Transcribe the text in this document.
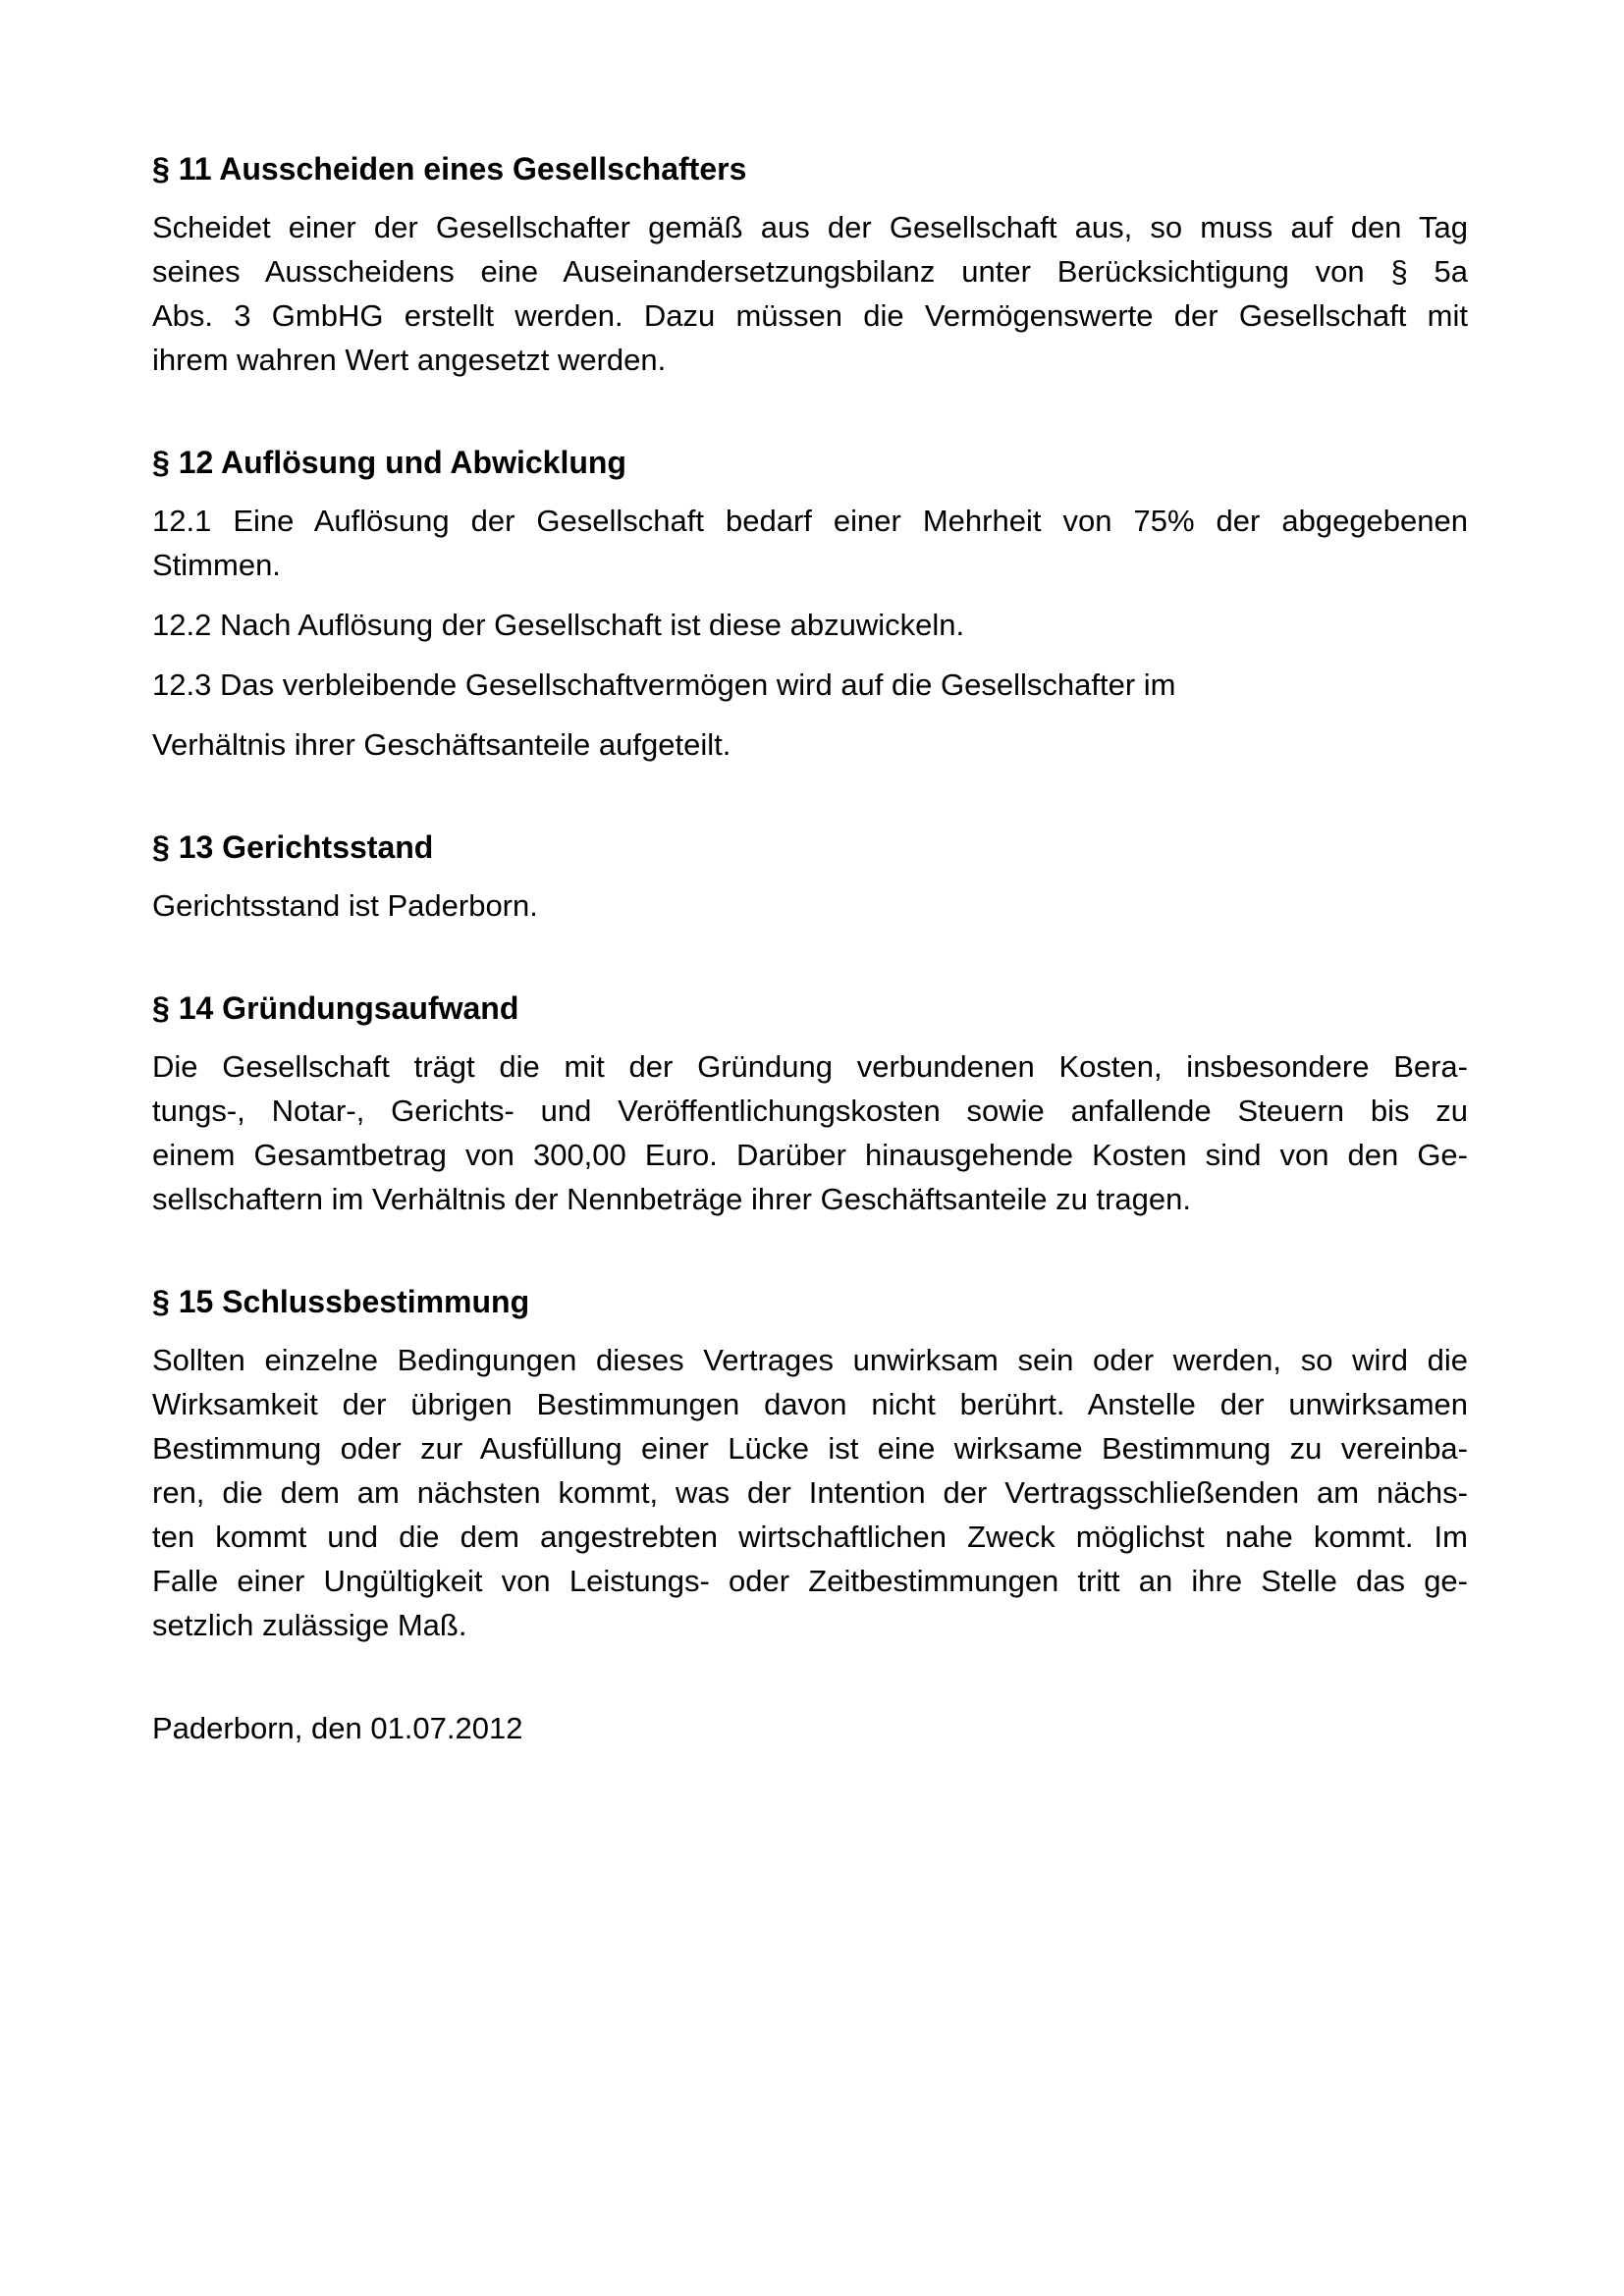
§ 11 Ausscheiden eines Gesellschafters
Scheidet einer der Gesellschafter gemäß aus der Gesellschaft aus, so muss auf den Tag
seines Ausscheidens eine Auseinandersetzungsbilanz unter Berücksichtigung von § 5a
Abs. 3 GmbHG erstellt werden. Dazu müssen die Vermögenswerte der Gesellschaft mit
ihrem wahren Wert angesetzt werden.
§ 12 Auflösung und Abwicklung
12.1 Eine Auflösung der Gesellschaft bedarf einer Mehrheit von 75% der abgegebenen
Stimmen.
12.2 Nach Auflösung der Gesellschaft ist diese abzuwickeln.
12.3 Das verbleibende Gesellschaftvermögen wird auf die Gesellschafter im
Verhältnis ihrer Geschäftsanteile aufgeteilt.
§ 13 Gerichtsstand
Gerichtsstand ist Paderborn.
§ 14 Gründungsaufwand
Die Gesellschaft trägt die mit der Gründung verbundenen Kosten, insbesondere Bera-
tungs-, Notar-, Gerichts- und Veröffentlichungskosten sowie anfallende Steuern bis zu
einem Gesamtbetrag von 300,00 Euro. Darüber hinausgehende Kosten sind von den Ge-
sellschaftern im Verhältnis der Nennbeträge ihrer Geschäftsanteile zu tragen.
§ 15 Schlussbestimmung
Sollten einzelne Bedingungen dieses Vertrages unwirksam sein oder werden, so wird die
Wirksamkeit der übrigen Bestimmungen davon nicht berührt. Anstelle der unwirksamen
Bestimmung oder zur Ausfüllung einer Lücke ist eine wirksame Bestimmung zu vereinba-
ren, die dem am nächsten kommt, was der Intention der Vertragsschließenden am nächs-
ten kommt und die dem angestrebten wirtschaftlichen Zweck möglichst nahe kommt. Im
Falle einer Ungültigkeit von Leistungs- oder Zeitbestimmungen tritt an ihre Stelle das ge-
setzlich zulässige Maß.
Paderborn, den 01.07.2012
